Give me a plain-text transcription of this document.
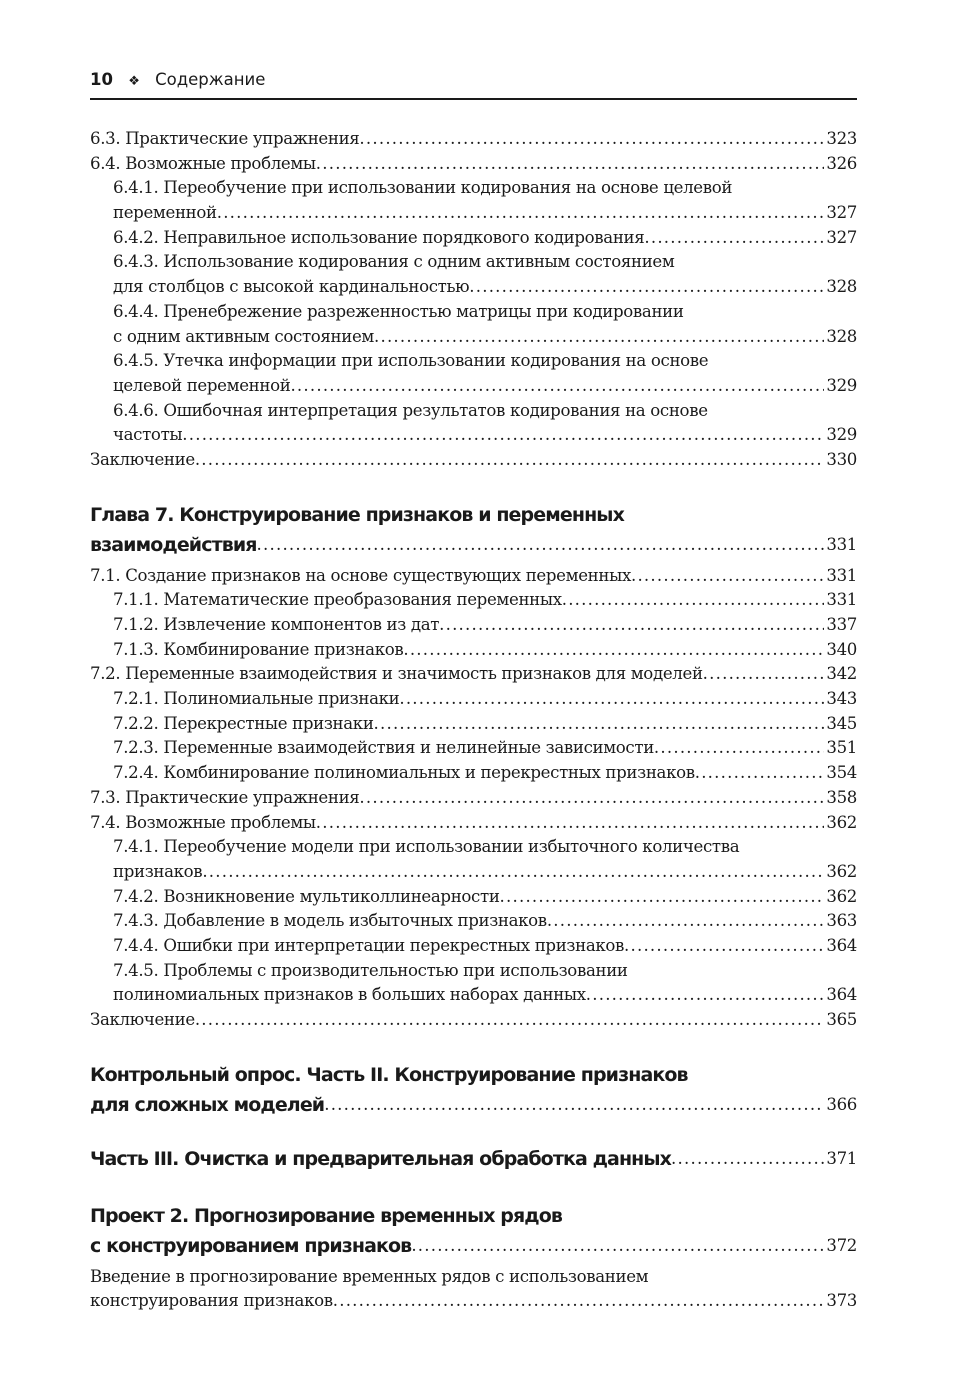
10 ❖ Содержание
6.3. Практические упражнения .....	323
6.4. Возможные проблемы .....	326
6.4.1. Переобучение при использовании кодирования на основе целевой
переменной .....	327
6.4.2. Неправильное использование порядкового кодирования .....	327
6.4.3. Использование кодирования с одним активным состоянием
для столбцов с высокой кардинальностью .....	328
6.4.4. Пренебрежение разреженностью матрицы при кодировании
с одним активным состоянием .....	328
6.4.5. Утечка информации при использовании кодирования на основе
целевой переменной .....	329
6.4.6. Ошибочная интерпретация результатов кодирования на основе
частоты .....	329
Заключение .....	330
Глава 7. Конструирование признаков и переменных
взаимодействия .....	331
7.1. Создание признаков на основе существующих переменных .....	331
7.1.1. Математические преобразования переменных .....	331
7.1.2. Извлечение компонентов из дат .....	337
7.1.3. Комбинирование признаков .....	340
7.2. Переменные взаимодействия и значимость признаков для моделей .....	342
7.2.1. Полиномиальные признаки .....	343
7.2.2. Перекрестные признаки .....	345
7.2.3. Переменные взаимодействия и нелинейные зависимости .....	351
7.2.4. Комбинирование полиномиальных и перекрестных признаков .....	354
7.3. Практические упражнения .....	358
7.4. Возможные проблемы .....	362
7.4.1. Переобучение модели при использовании избыточного количества
признаков .....	362
7.4.2. Возникновение мультиколлинеарности .....	362
7.4.3. Добавление в модель избыточных признаков .....	363
7.4.4. Ошибки при интерпретации перекрестных признаков .....	364
7.4.5. Проблемы с производительностью при использовании
полиномиальных признаков в больших наборах данных .....	364
Заключение .....	365
Контрольный опрос. Часть II. Конструирование признаков
для сложных моделей .....	366
Часть III. Очистка и предварительная обработка данных .....	371
Проект 2. Прогнозирование временных рядов
с конструированием признаков .....	372
Введение в прогнозирование временных рядов с использованием
конструирования признаков .....	373
